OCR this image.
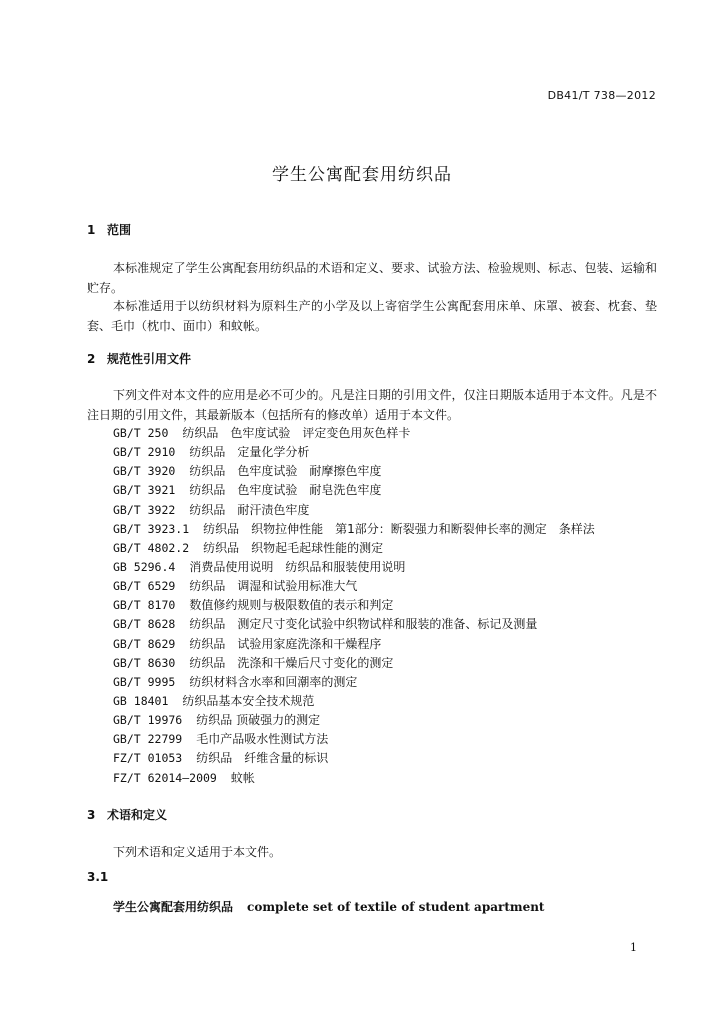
DB41/T 738—2012
学生公寓配套用纺织品
1 范围
本标准规定了学生公寓配套用纺织品的术语和定义、要求、试验方法、检验规则、标志、包装、运输和贮存。
本标准适用于以纺织材料为原料生产的小学及以上寄宿学生公寓配套用床单、床罩、被套、枕套、垫套、毛巾（枕巾、面巾）和蚊帐。
2 规范性引用文件
下列文件对本文件的应用是必不可少的。凡是注日期的引用文件，仅注日期版本适用于本文件。凡是不注日期的引用文件，其最新版本（包括所有的修改单）适用于本文件。
GB/T 250 纺织品　色牢度试验　评定变色用灰色样卡
GB/T 2910 纺织品　定量化学分析
GB/T 3920 纺织品　色牢度试验　耐摩擦色牢度
GB/T 3921 纺织品　色牢度试验　耐皂洗色牢度
GB/T 3922 纺织品　耐汗渍色牢度
GB/T 3923.1 纺织品　织物拉伸性能　第1部分：断裂强力和断裂伸长率的测定　条样法
GB/T 4802.2 纺织品　织物起毛起球性能的测定
GB 5296.4 消费品使用说明　纺织品和服装使用说明
GB/T 6529 纺织品　调湿和试验用标准大气
GB/T 8170 数值修约规则与极限数值的表示和判定
GB/T 8628 纺织品　测定尺寸变化试验中织物试样和服装的准备、标记及测量
GB/T 8629 纺织品　试验用家庭洗涤和干燥程序
GB/T 8630 纺织品　洗涤和干燥后尺寸变化的测定
GB/T 9995 纺织材料含水率和回潮率的测定
GB 18401 纺织品基本安全技术规范
GB/T 19976 纺织品 顶破强力的测定
GB/T 22799 毛巾产品吸水性测试方法
FZ/T 01053 纺织品　纤维含量的标识
FZ/T 62014—2009 蚊帐
3 术语和定义
下列术语和定义适用于本文件。
3.1
学生公寓配套用纺织品 complete set of textile of student apartment
1
